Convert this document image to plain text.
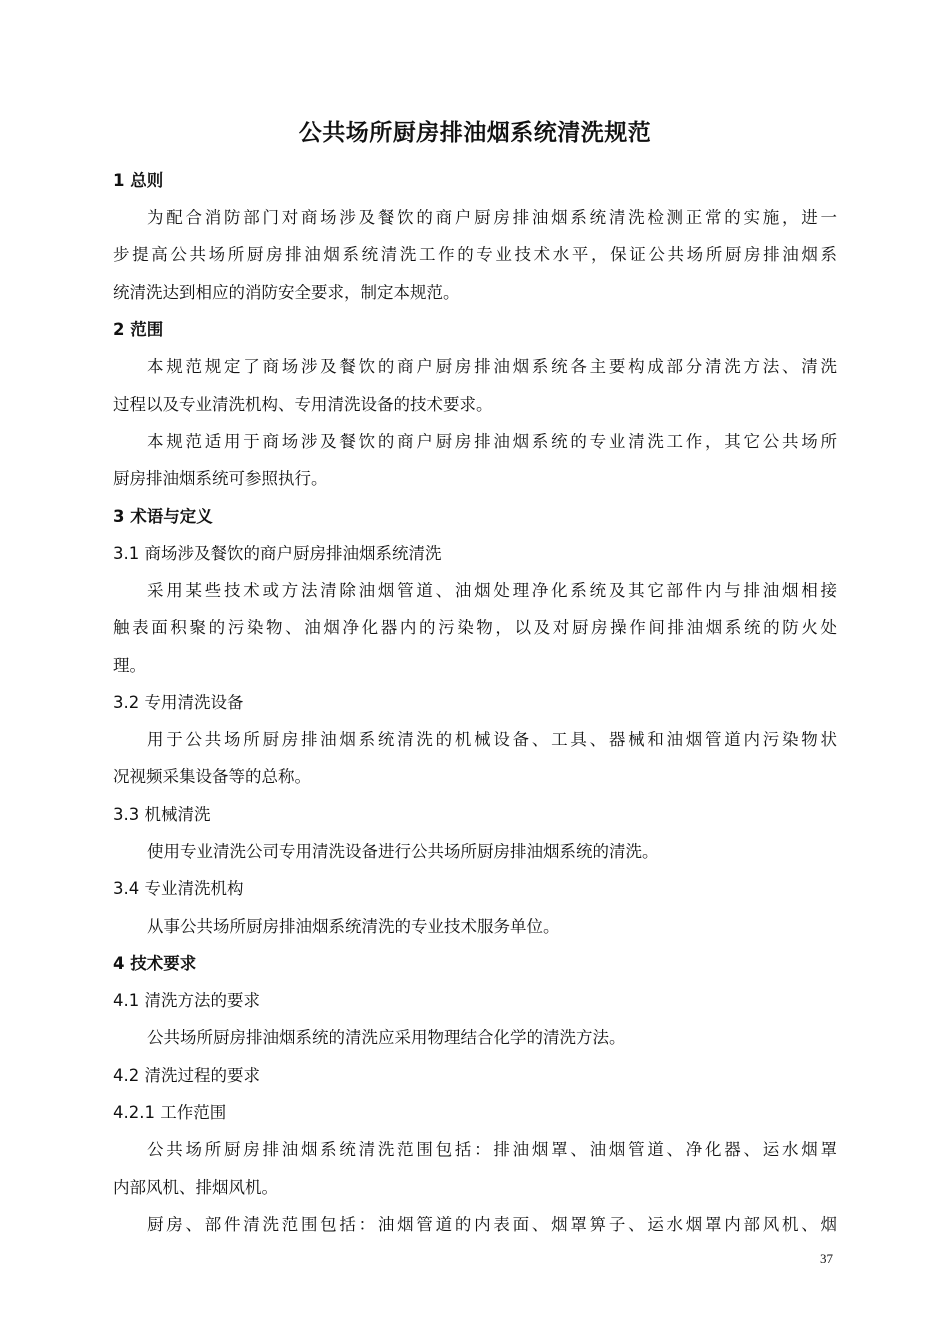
公共场所厨房排油烟系统清洗规范
1 总则
为配合消防部门对商场涉及餐饮的商户厨房排油烟系统清洗检测正常的实施，进一
步提高公共场所厨房排油烟系统清洗工作的专业技术水平，保证公共场所厨房排油烟系
统清洗达到相应的消防安全要求，制定本规范。
2 范围
本规范规定了商场涉及餐饮的商户厨房排油烟系统各主要构成部分清洗方法、清洗
过程以及专业清洗机构、专用清洗设备的技术要求。
本规范适用于商场涉及餐饮的商户厨房排油烟系统的专业清洗工作，其它公共场所
厨房排油烟系统可参照执行。
3 术语与定义
3.1 商场涉及餐饮的商户厨房排油烟系统清洗
采用某些技术或方法清除油烟管道、油烟处理净化系统及其它部件内与排油烟相接
触表面积聚的污染物、油烟净化器内的污染物，以及对厨房操作间排油烟系统的防火处
理。
3.2 专用清洗设备
用于公共场所厨房排油烟系统清洗的机械设备、工具、器械和油烟管道内污染物状
况视频采集设备等的总称。
3.3 机械清洗
使用专业清洗公司专用清洗设备进行公共场所厨房排油烟系统的清洗。
3.4 专业清洗机构
从事公共场所厨房排油烟系统清洗的专业技术服务单位。
4 技术要求
4.1 清洗方法的要求
公共场所厨房排油烟系统的清洗应采用物理结合化学的清洗方法。
4.2 清洗过程的要求
4.2.1 工作范围
公共场所厨房排油烟系统清洗范围包括：排油烟罩、油烟管道、净化器、运水烟罩
内部风机、排烟风机。
厨房、部件清洗范围包括：油烟管道的内表面、烟罩箅子、运水烟罩内部风机、烟
37
